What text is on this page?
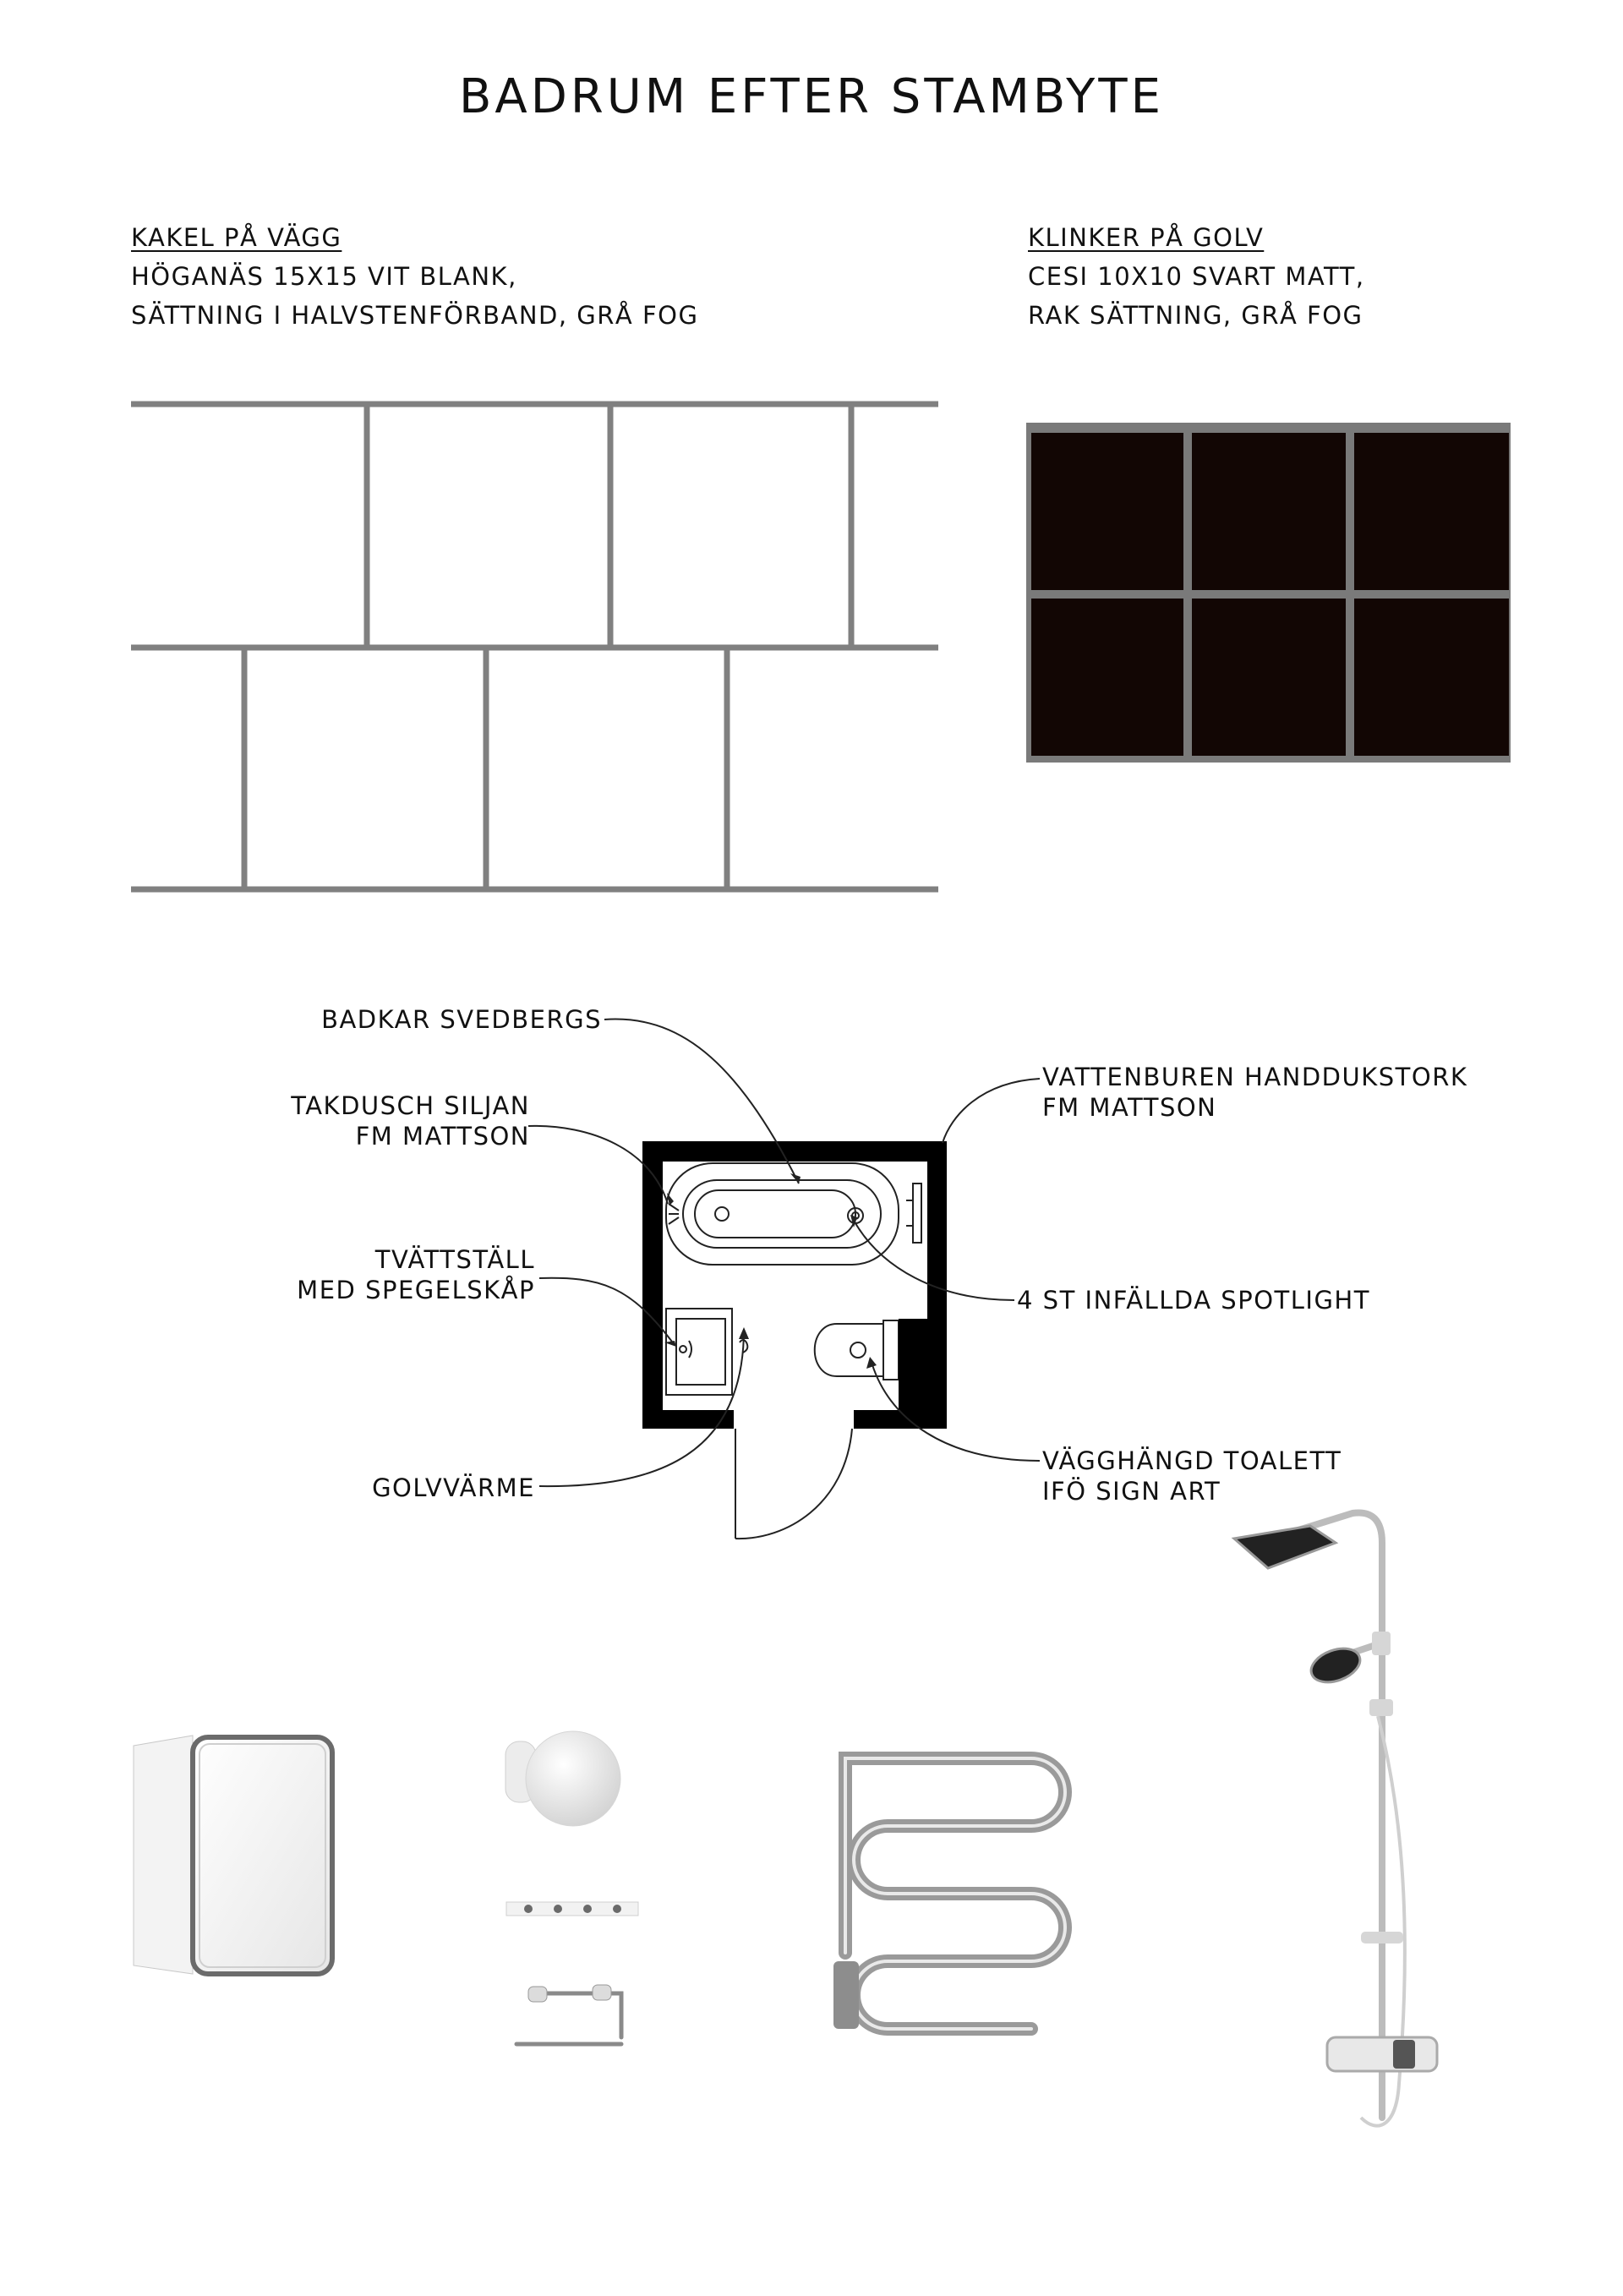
BADRUM EFTER STAMBYTE
KAKEL PÅ VÄGG
HÖGANÄS 15X15 VIT BLANK,
SÄTTNING I HALVSTENFÖRBAND, GRÅ FOG
KLINKER PÅ GOLV
CESI 10X10 SVART MATT,
RAK SÄTTNING, GRÅ FOG
BADKAR SVEDBERGS
TAKDUSCH SILJAN
FM MATTSON
TVÄTTSTÄLL
MED SPEGELSKÅP
GOLVVÄRME
VATTENBUREN HANDDUKSTORK
FM MATTSON
4 ST INFÄLLDA SPOTLIGHT
VÄGGHÄNGD TOALETT
IFÖ SIGN ART
